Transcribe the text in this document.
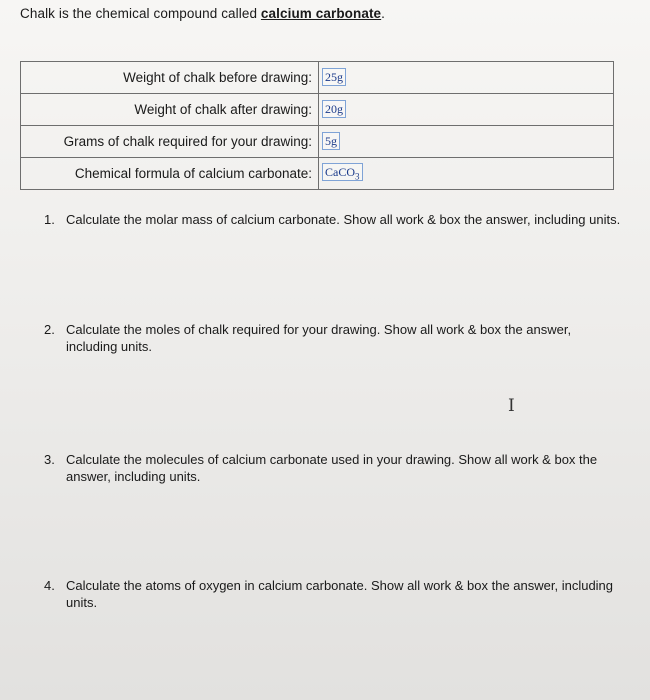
Chalk is the chemical compound called calcium carbonate.
Weight of chalk before drawing:	25g
Weight of chalk after drawing:	20g
Grams of chalk required for your drawing:	5g
Chemical formula of calcium carbonate:	CaCO$_3$
1. Calculate the molar mass of calcium carbonate. Show all work & box the answer, including units.
2. Calculate the moles of chalk required for your drawing. Show all work & box the answer, including units.
3. Calculate the molecules of calcium carbonate used in your drawing. Show all work & box the answer, including units.
4. Calculate the atoms of oxygen in calcium carbonate. Show all work & box the answer, including units.
I
